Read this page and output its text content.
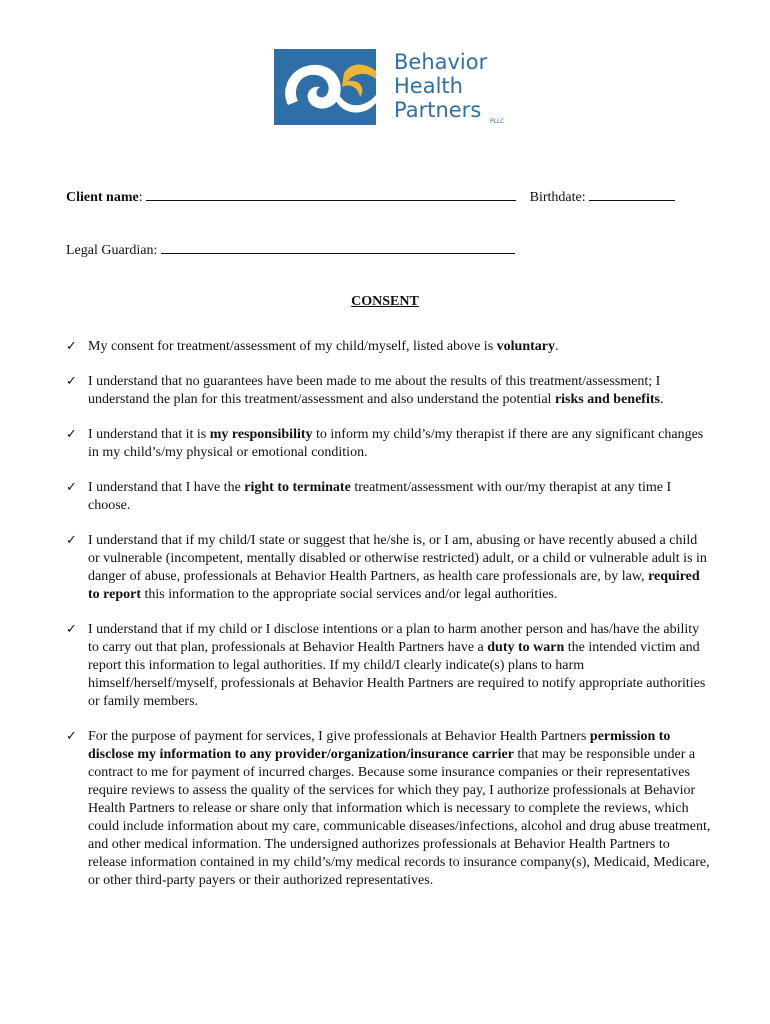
Behavior
Health
Partners	PLLC
Client name:	Birthdate:
Legal Guardian:
CONSENT
✓ My consent for treatment/assessment of my child/myself, listed above is voluntary.
✓ I understand that no guarantees have been made to me about the results of this treatment/assessment; I understand the plan for this treatment/assessment and also understand the potential risks and benefits.
✓ I understand that it is my responsibility to inform my child’s/my therapist if there are any significant changes in my child’s/my physical or emotional condition.
✓ I understand that I have the right to terminate treatment/assessment with our/my therapist at any time I choose.
✓ I understand that if my child/I state or suggest that he/she is, or I am, abusing or have recently abused a child or vulnerable (incompetent, mentally disabled or otherwise restricted) adult, or a child or vulnerable adult is in danger of abuse, professionals at Behavior Health Partners, as health care professionals are, by law, required to report this information to the appropriate social services and/or legal authorities.
✓ I understand that if my child or I disclose intentions or a plan to harm another person and has/have the ability to carry out that plan, professionals at Behavior Health Partners have a duty to warn the intended victim and report this information to legal authorities. If my child/I clearly indicate(s) plans to harm himself/herself/myself, professionals at Behavior Health Partners are required to notify appropriate authorities or family members.
✓ For the purpose of payment for services, I give professionals at Behavior Health Partners permission to disclose my information to any provider/organization/insurance carrier that may be responsible under a contract to me for payment of incurred charges. Because some insurance companies or their representatives require reviews to assess the quality of the services for which they pay, I authorize professionals at Behavior Health Partners to release or share only that information which is necessary to complete the reviews, which could include information about my care, communicable diseases/infections, alcohol and drug abuse treatment, and other medical information. The undersigned authorizes professionals at Behavior Health Partners to release information contained in my child’s/my medical records to insurance company(s), Medicaid, Medicare, or other third-party payers or their authorized representatives.
